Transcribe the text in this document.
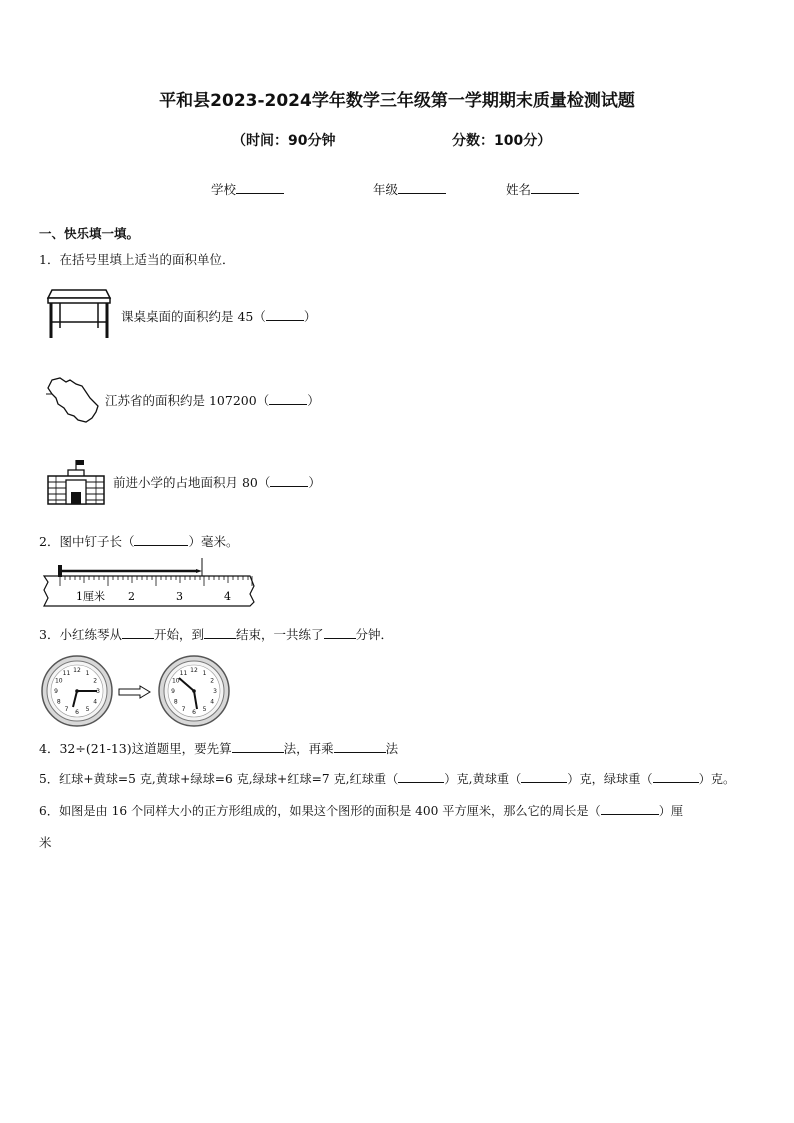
平和县2023-2024学年数学三年级第一学期期末质量检测试题
（时间：90分钟	分数：100分）
学校	年级	姓名
一、快乐填一填。
1．在括号里填上适当的面积单位．
课桌桌面的面积约是 45（	）
江苏省的面积约是 107200（	）
前进小学的占地面积月 80（	）
2．图中钉子长（	）毫米。
1厘米 2	3	4
3．小红练琴从	开始，到	结束，一共练了	分钟．
12 1
2
3
4
5
6
7
8
9
10
11	12 1
2
3
4
5
6
7
8
9
10
11
4．32÷(21-13)这道题里，要先算	法，再乘	法
5．红球+黄球=5 克,黄球+绿球=6 克,绿球+红球=7 克,红球重（	）克,黄球重（	）克，绿球重（	）克。
6．如图是由 16 个同样大小的正方形组成的，如果这个图形的面积是 400 平方厘米，那么它的周长是（	）厘
米
